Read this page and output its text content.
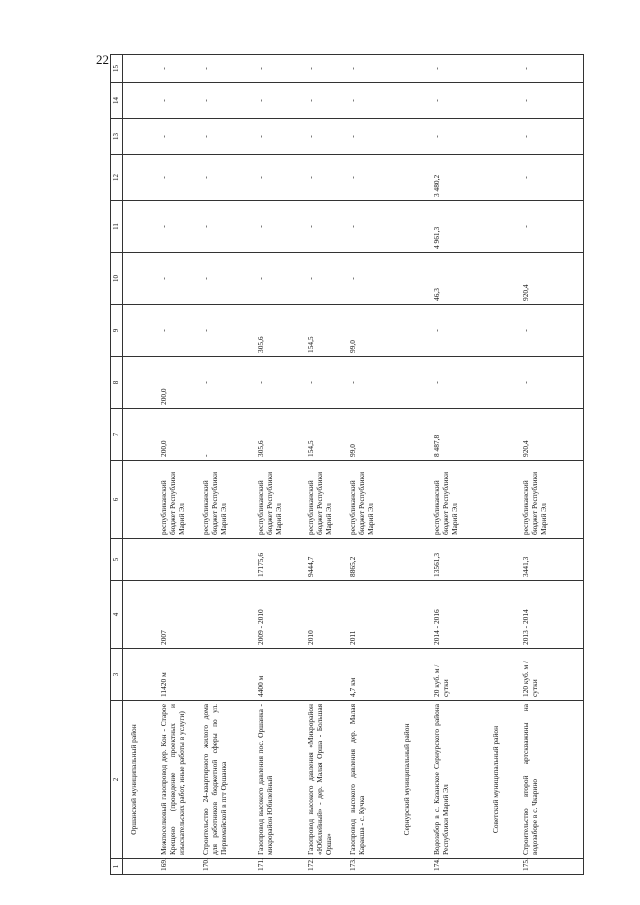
22
1	2	3	4	5	6	7	8	9	10	11	12	13	14	15
	Оршанский муниципальный район													
169.	Межпоселковый газопровод дер. Кон - Старое Крещено (проведение проектных и изыскательских работ, иные работы в услуги)	11420 м	2007		республиканский бюджет Республики Марий Эл	200,0	200,0	-	-	-	-	-	-	-
170.	Строительство 24-квартирного жилого дома для работников бюджетной сферы по ул. Первомайской в пгт Оршанка				республиканский бюджет Республики Марий Эл	-	-	-	-	-	-	-	-	-
171.	Газопровод высокого давления пос. Оршанка - микрорайон Юбилейный	4400 м	2009 - 2010	17175,6	республиканский бюджет Республики Марий Эл	305,6	-	305,6	-	-	-	-	-	-
172.	Газопровод высокого давления «Микрорайон «Юбилейный» - дер. Малая Орша - Большая Орша»		2010	9444,7	республиканский бюджет Республики Марий Эл	154,5	-	154,5	-	-	-	-	-	-
173.	Газопровод высокого давления дер. Малая Каракша - с. Кучка	4,7 км	2011	8865,2	республиканский бюджет Республики Марий Эл	99,0	-	99,0	-	-	-	-	-	-
	Сернурский муниципальный район													
174.	Водозабор в с. Казанское Сернурского района Республики Марий Эл	20 куб. м / сутки	2014 - 2016	13561,3	республиканский бюджет Республики Марий Эл	8 487,8	-	-	46,3	4 961,3	3 480,2	-	-	-
	Советский муниципальный район													
175.	Строительство второй артскважины на водозаборе в с. Чкарино	120 куб. м / сутки	2013 - 2014	3441,3	республиканский бюджет Республики Марий Эл	920,4	-	-	920,4	-	-	-	-	-
